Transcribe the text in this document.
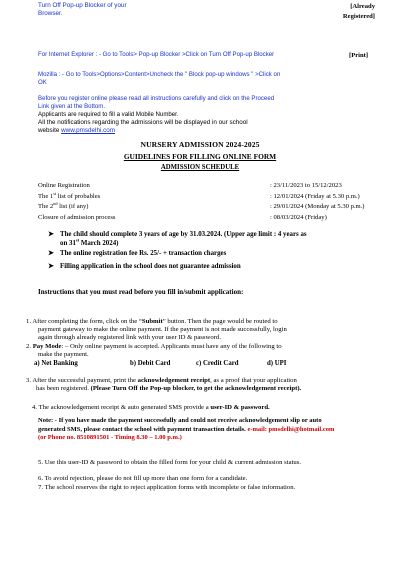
Turn Off Pop-up Blocker of your

Browser.

[Already

Registered]

For Internet Explorer : - Go to Tools> Pop-up Blocker >Click on Turn Off Pop-up Blocker	[Print]

Mozilla : - Go to Tools>Options>Content>Uncheck the " Block pop-up windows " >Click on

OK

Before you register online please read all instructions carefully and click on the Proceed

Link given at the Bottom.

Applicants are required to fill a valid Mobile Number.

All the notifications regarding the admissions will be displayed in our school

website www.pmsdelhi.com

NURSERY ADMISSION 2024-2025
GUIDELINES FOR FILLING ONLINE FORM
ADMISSION SCHEDULE
Online Registration	: 23/11/2023 to 15/12/2023
The 1st list of probables	: 12/01/2024 (Friday at 5.30 p.m.)
The 2nd list (if any)	: 29/01/2024 (Monday at 5.30 p.m.)
Closure of admission process	: 08/03/2024 (Friday)
➤ The child should complete 3 years of age by 31.03.2024. (Upper age limit : 4 years as

on 31st March 2024)

➤ The online registration fee Rs. 25/- + transaction charges

➤ Filling application in the school does not guarantee admission

Instructions that you must read before you fill in/submit application:

1. After completing the form, click on the “Submit” button. Then the page would be routed to

payment gateway to make the online payment. If the payment is not made successfully, login

again through already registered link with your user ID & password.

2. Pay Mode: – Only online payment is accepted. Applicants must have any of the following to

make the payment.

a) Net Banking	b) Debit Card	c) Credit Card	d) UPI

3. After the successful payment, print the acknowledgement receipt, as a proof that your application

has been registered. (Please Turn Off the Pop-up blocker, to get the acknowledgement receipt).

4. The acknowledgement receipt & auto generated SMS provide a user-ID & password.

Note: - If you have made the payment successfully and could not receive acknowledgement slip or auto

generated SMS, please contact the school with payment transaction details. e-mail: pmsdelhi@hotmail.com

(or Phone no. 8510891501 - Timing 8.30 – 1.00 p.m.)

5. Use this user-ID & password to obtain the filled form for your child & current admission status.
6. To avoid rejection, please do not fill up more than one form for a candidate.
7. The school reserves the right to reject application forms with incomplete or false information.
